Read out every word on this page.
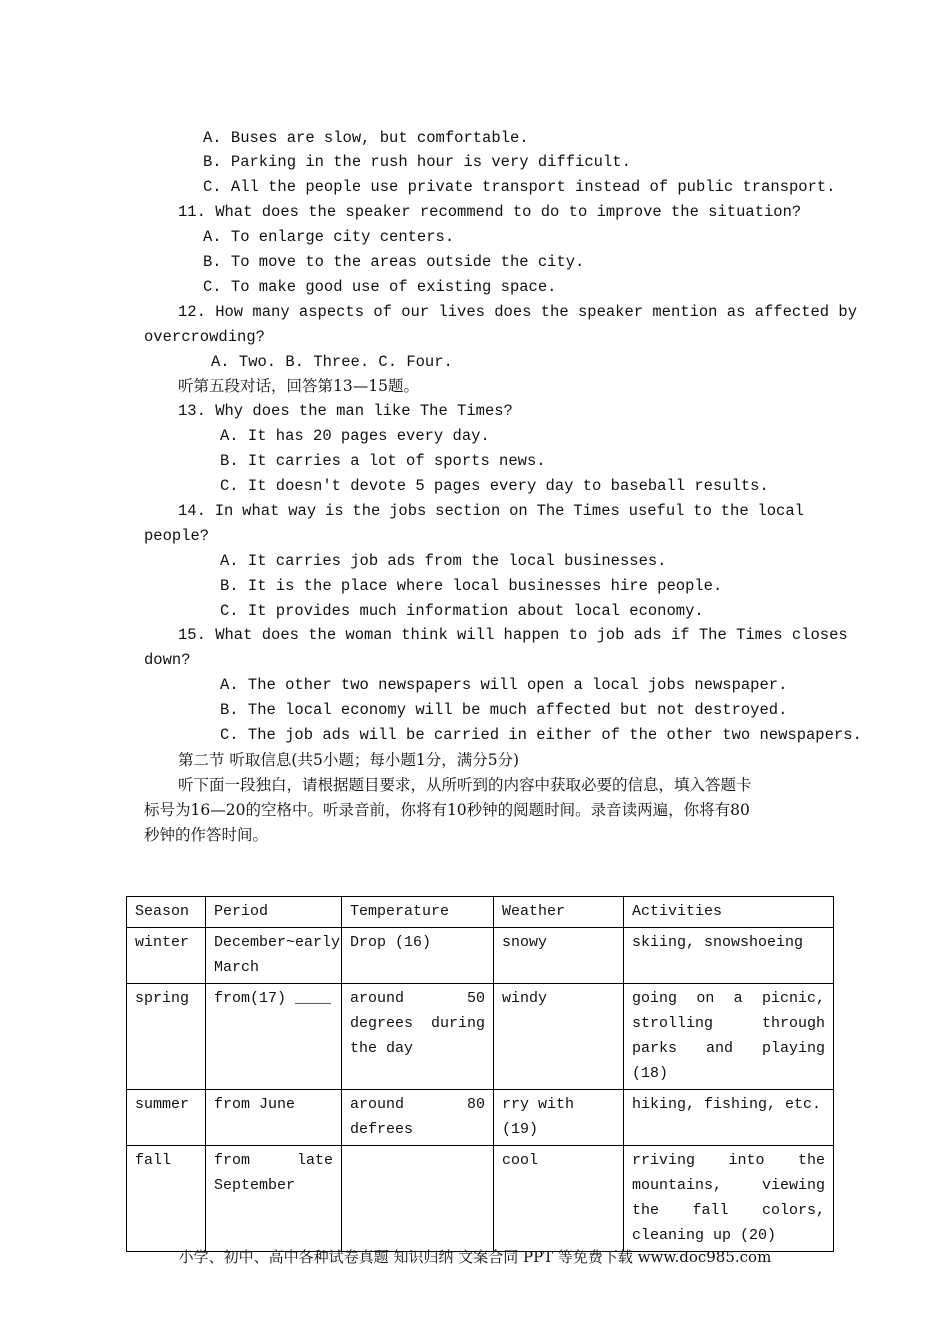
A. Buses are slow, but comfortable.
B. Parking in the rush hour is very difficult.
C. All the people use private transport instead of public transport.
11. What does the speaker recommend to do to improve the situation?
A. To enlarge city centers.
B. To move to the areas outside the city.
C. To make good use of existing space.
12. How many aspects of our lives does the speaker mention as affected by
overcrowding?
A. Two. B. Three. C. Four.
听第五段对话，回答第13—15题。
13. Why does the man like The Times?
A. It has 20 pages every day.
B. It carries a lot of sports news.
C. It doesn't devote 5 pages every day to baseball results.
14. In what way is the jobs section on The Times useful to the local
people?
A. It carries job ads from the local businesses.
B. It is the place where local businesses hire people.
C. It provides much information about local economy.
15. What does the woman think will happen to job ads if The Times closes
down?
A. The other two newspapers will open a local jobs newspaper.
B. The local economy will be much affected but not destroyed.
C. The job ads will be carried in either of the other two newspapers.
第二节 听取信息(共5小题；每小题1分，满分5分)
听下面一段独白，请根据题目要求，从所听到的内容中获取必要的信息，填入答题卡
标号为16—20的空格中。听录音前，你将有10秒钟的阅题时间。录音读两遍，你将有80
秒钟的作答时间。
Season	Period	Temperature	Weather	Activities
winter	December~early March	Drop (16)	snowy	skiing, snowshoeing
spring	from(17) ____	around 50 degrees during the day	windy	going on a picnic, strolling through parks and playing (18)
summer	from June	around 80 defrees	rry with (19)	hiking, fishing, etc.
fall	from late September		cool	rriving into the mountains, viewing the fall colors, cleaning up (20)
小学、初中、高中各种试卷真题 知识归纳 文案合同 PPT 等免费下载 www.doc985.com
